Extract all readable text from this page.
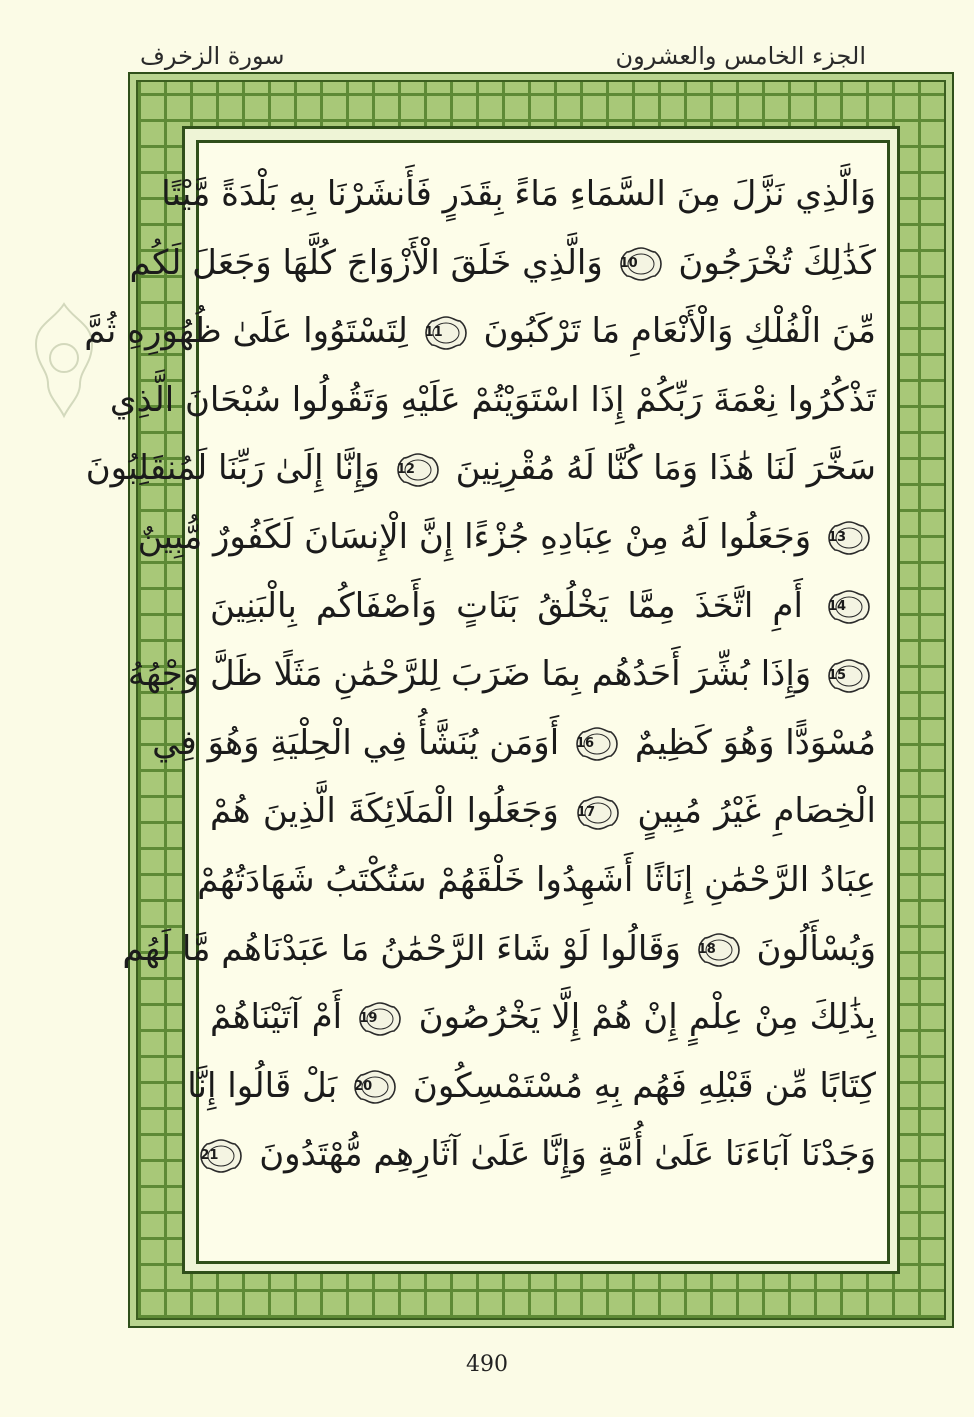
سورة الزخرف	الجزء الخامس والعشرون
وَالَّذِي نَزَّلَ مِنَ السَّمَاءِ مَاءً بِقَدَرٍ فَأَنشَرْنَا بِهِ بَلْدَةً مَّيْتًا
كَذَٰلِكَ تُخْرَجُونَ
10
وَالَّذِي خَلَقَ الْأَزْوَاجَ كُلَّهَا وَجَعَلَ لَكُم
مِّنَ الْفُلْكِ وَالْأَنْعَامِ مَا تَرْكَبُونَ
11
لِتَسْتَوُوا عَلَىٰ ظُهُورِهِ ثُمَّ
تَذْكُرُوا نِعْمَةَ رَبِّكُمْ إِذَا اسْتَوَيْتُمْ عَلَيْهِ وَتَقُولُوا سُبْحَانَ الَّذِي
سَخَّرَ لَنَا هَٰذَا وَمَا كُنَّا لَهُ مُقْرِنِينَ
12
وَإِنَّا إِلَىٰ رَبِّنَا لَمُنقَلِبُونَ
13
وَجَعَلُوا لَهُ مِنْ عِبَادِهِ جُزْءًا إِنَّ الْإِنسَانَ لَكَفُورٌ مُّبِينٌ
14
أَمِ اتَّخَذَ مِمَّا يَخْلُقُ بَنَاتٍ وَأَصْفَاكُم بِالْبَنِينَ
15
وَإِذَا بُشِّرَ أَحَدُهُم بِمَا ضَرَبَ لِلرَّحْمَٰنِ مَثَلًا ظَلَّ وَجْهُهُ
مُسْوَدًّا وَهُوَ كَظِيمٌ
16
أَوَمَن يُنَشَّأُ فِي الْحِلْيَةِ وَهُوَ فِي
الْخِصَامِ غَيْرُ مُبِينٍ
17
وَجَعَلُوا الْمَلَائِكَةَ الَّذِينَ هُمْ
عِبَادُ الرَّحْمَٰنِ إِنَاثًا أَشَهِدُوا خَلْقَهُمْ سَتُكْتَبُ شَهَادَتُهُمْ
وَيُسْأَلُونَ
18
وَقَالُوا لَوْ شَاءَ الرَّحْمَٰنُ مَا عَبَدْنَاهُم مَّا لَهُم
بِذَٰلِكَ مِنْ عِلْمٍ إِنْ هُمْ إِلَّا يَخْرُصُونَ
19
أَمْ آتَيْنَاهُمْ
كِتَابًا مِّن قَبْلِهِ فَهُم بِهِ مُسْتَمْسِكُونَ
20
بَلْ قَالُوا إِنَّا
وَجَدْنَا آبَاءَنَا عَلَىٰ أُمَّةٍ وَإِنَّا عَلَىٰ آثَارِهِم مُّهْتَدُونَ
21
490
